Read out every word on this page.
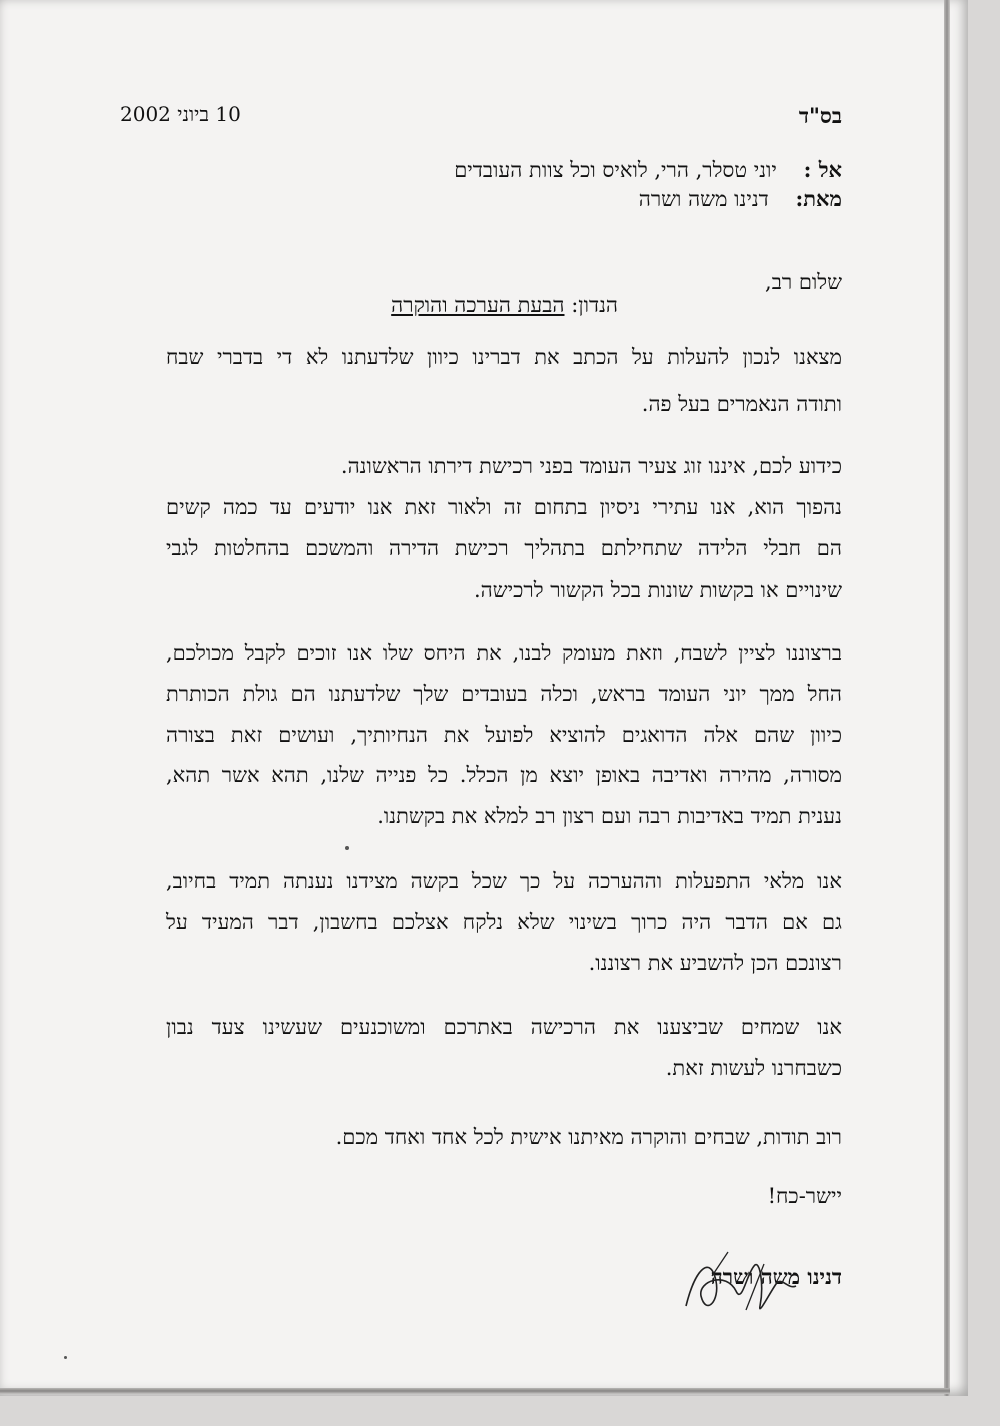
10 ביוני 2002	בס"ד
אל :    יוני טסלר, הרי, לואיס וכל צוות העובדים
מאת:    דנינו משה ושרה
שלום רב,
הנדון: הבעת הערכה והוקרה
מצאנו לנכון להעלות על הכתב את דברינו כיוון שלדעתנו לא די בדברי שבח
ותודה הנאמרים בעל פה.
כידוע לכם, איננו זוג צעיר העומד בפני רכישת דירתו הראשונה.
נהפוך הוא, אנו עתירי ניסיון בתחום זה ולאור זאת אנו יודעים עד כמה קשים
הם חבלי הלידה שתחילתם בתהליך רכישת הדירה והמשכם בהחלטות לגבי
שינויים או בקשות שונות בכל הקשור לרכישה.
ברצוננו לציין לשבח, וזאת מעומק לבנו, את היחס שלו אנו זוכים לקבל מכולכם,
החל ממך יוני העומד בראש, וכלה בעובדים שלך שלדעתנו הם גולת הכותרת
כיוון שהם אלה הדואגים להוציא לפועל את הנחיותיך, ועושים זאת בצורה
מסורה, מהירה ואדיבה באופן יוצא מן הכלל. כל פנייה שלנו, תהא אשר תהא,
נענית תמיד באדיבות רבה ועם רצון רב למלא את בקשתנו.
אנו מלאי התפעלות וההערכה על כך שכל בקשה מצידנו נענתה תמיד בחיוב,
גם אם הדבר היה כרוך בשינוי שלא נלקח אצלכם בחשבון, דבר המעיד על
רצונכם הכן להשביע את רצוננו.
אנו שמחים שביצענו את הרכישה באתרכם ומשוכנעים שעשינו צעד נבון
כשבחרנו לעשות זאת.
רוב תודות, שבחים והוקרה מאיתנו אישית לכל אחד ואחד מכם.
יישר-כח!
דנינו משה ושרה
